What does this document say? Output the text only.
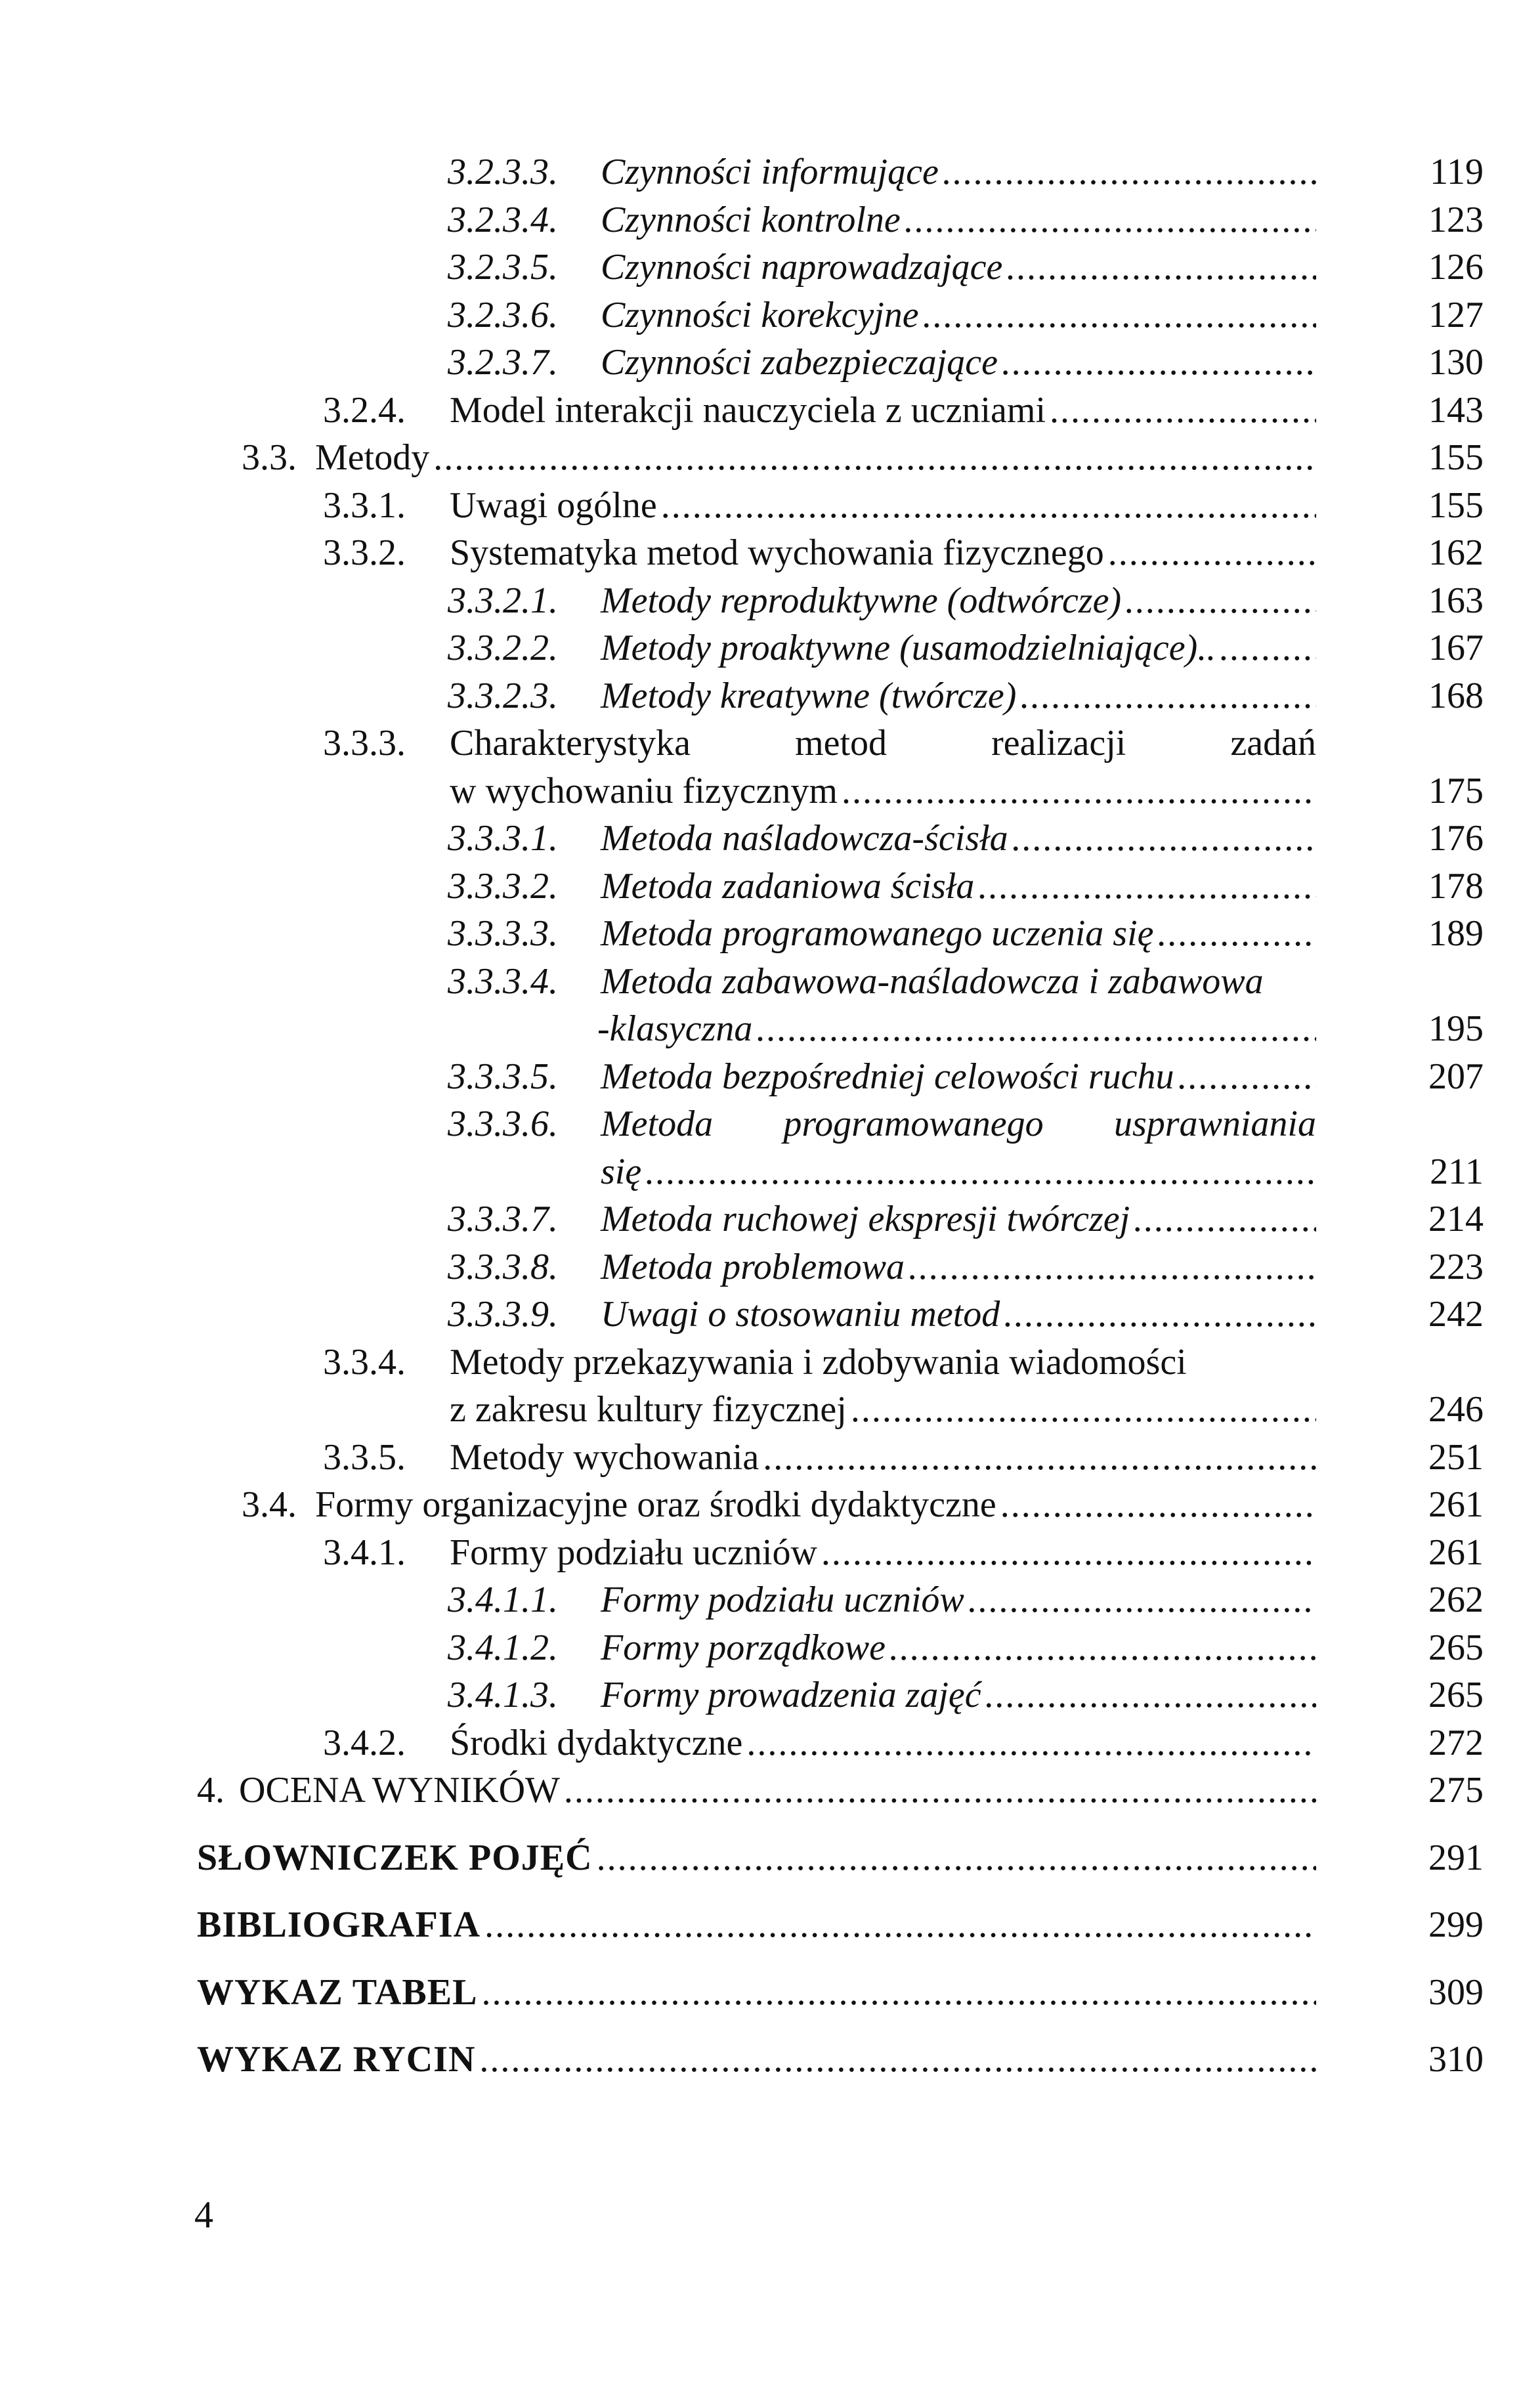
3.2.3.3. Czynności informujące .....	119
3.2.3.4. Czynności kontrolne .....	123
3.2.3.5. Czynności naprowadzające .....	126
3.2.3.6. Czynności korekcyjne .....	127
3.2.3.7. Czynności zabezpieczające .....	130
3.2.4. Model interakcji nauczyciela z uczniami .....	143
3.3. Metody .....	155
3.3.1. Uwagi ogólne .....	155
3.3.2. Systematyka metod wychowania fizycznego .....	162
3.3.2.1. Metody reproduktywne (odtwórcze) .....	163
3.3.2.2. Metody proaktywne (usamodzielniające).. .....	167
3.3.2.3. Metody kreatywne (twórcze) .....	168
3.3.3. Charakterystyka	metod	realizacji	zadań
w wychowaniu fizycznym .....	175
3.3.3.1. Metoda naśladowcza-ścisła .....	176
3.3.3.2. Metoda zadaniowa ścisła .....	178
3.3.3.3. Metoda programowanego uczenia się .....	189
3.3.3.4. Metoda zabawowa-naśladowcza i zabawowa
-klasyczna .....	195
3.3.3.5. Metoda bezpośredniej celowości ruchu .....	207
3.3.3.6. Metoda programowanego usprawniania
się .....	211
3.3.3.7. Metoda ruchowej ekspresji twórczej .....	214
3.3.3.8. Metoda problemowa .....	223
3.3.3.9. Uwagi o stosowaniu metod .....	242
3.3.4. Metody przekazywania i zdobywania wiadomości
z zakresu kultury fizycznej .....	246
3.3.5. Metody wychowania .....	251
3.4. Formy organizacyjne oraz środki dydaktyczne .....	261
3.4.1. Formy podziału uczniów .....	261
3.4.1.1. Formy podziału uczniów .....	262
3.4.1.2. Formy porządkowe .....	265
3.4.1.3. Formy prowadzenia zajęć .....	265
3.4.2. Środki dydaktyczne .....	272
4. OCENA WYNIKÓW .....	275
SŁOWNICZEK POJĘĆ .....	291
BIBLIOGRAFIA .....	299
WYKAZ TABEL .....	309
WYKAZ RYCIN .....	310
4
